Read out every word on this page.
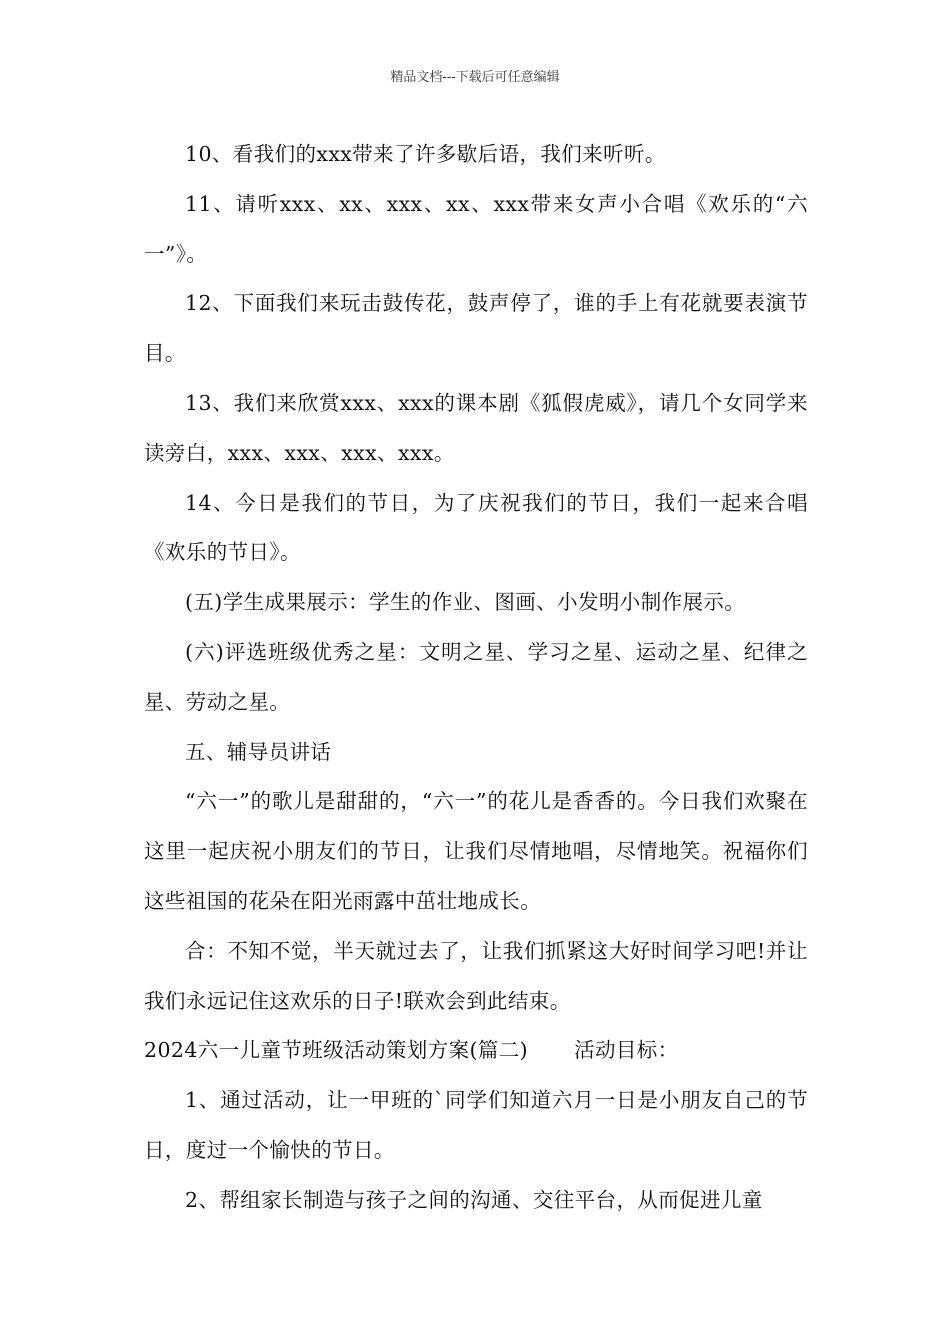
精品文档---下载后可任意编辑

10、看我们的xxx带来了许多歇后语，我们来听听。

11、请听xxx、xx、xxx、xx、xxx带来女声小合唱《欢乐的“六一”》。

12、下面我们来玩击鼓传花，鼓声停了，谁的手上有花就要表演节目。

13、我们来欣赏xxx、xxx的课本剧《狐假虎威》，请几个女同学来读旁白，xxx、xxx、xxx、xxx。

14、今日是我们的节日，为了庆祝我们的节日，我们一起来合唱《欢乐的节日》。

(五)学生成果展示：学生的作业、图画、小发明小制作展示。

(六)评选班级优秀之星：文明之星、学习之星、运动之星、纪律之星、劳动之星。

五、辅导员讲话

“六一”的歌儿是甜甜的，“六一”的花儿是香香的。今日我们欢聚在这里一起庆祝小朋友们的节日，让我们尽情地唱，尽情地笑。祝福你们这些祖国的花朵在阳光雨露中茁壮地成长。

合：不知不觉，半天就过去了，让我们抓紧这大好时间学习吧!并让我们永远记住这欢乐的日子!联欢会到此结束。

2024六一儿童节班级活动策划方案(篇二) 活动目标：

1、通过活动，让一甲班的`同学们知道六月一日是小朋友自己的节日，度过一个愉快的节日。

2、帮组家长制造与孩子之间的沟通、交往平台，从而促进儿童
